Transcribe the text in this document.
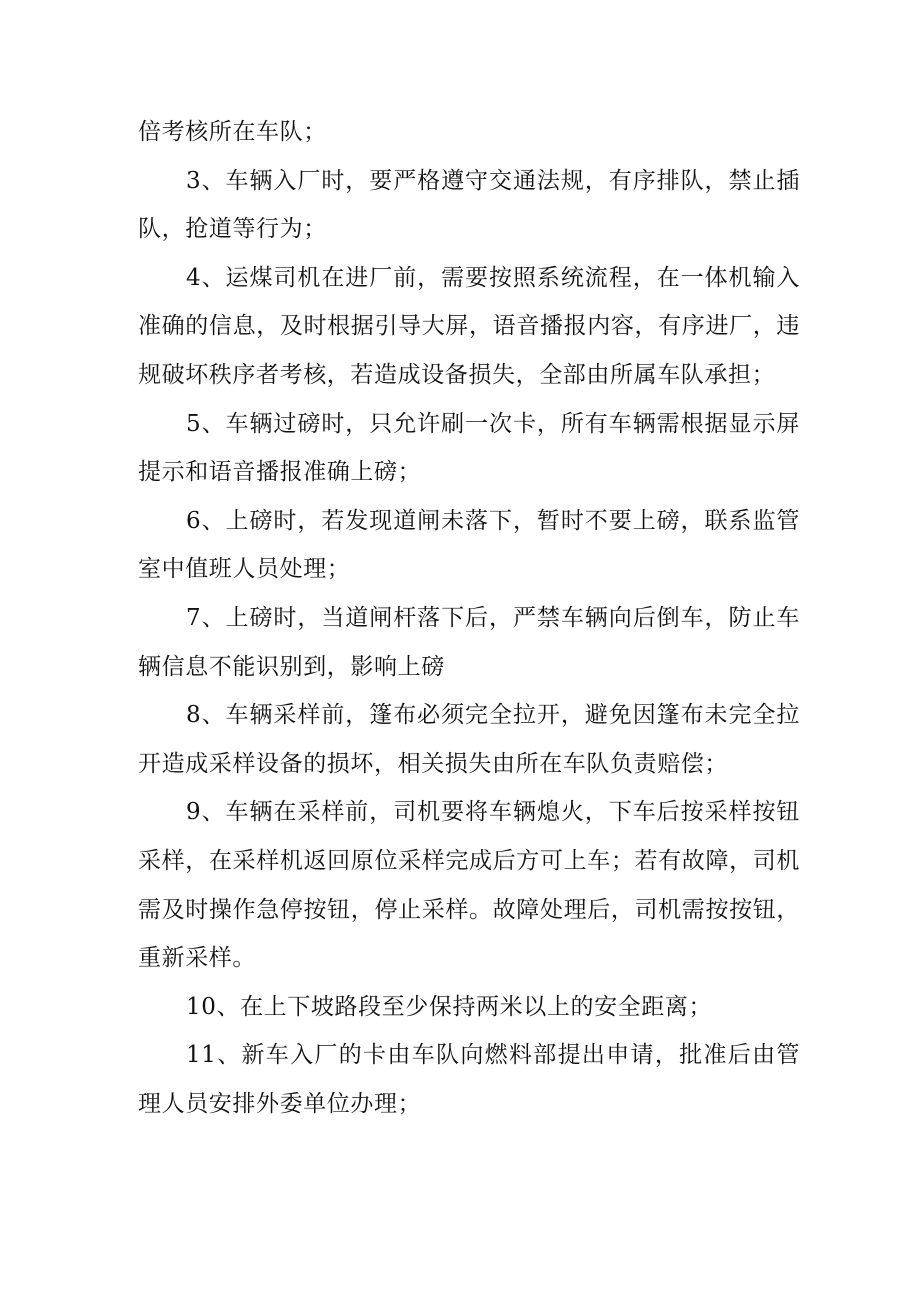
倍考核所在车队；

3、车辆入厂时，要严格遵守交通法规，有序排队，禁止插队，抢道等行为；

4、运煤司机在进厂前，需要按照系统流程，在一体机输入准确的信息，及时根据引导大屏，语音播报内容，有序进厂，违规破坏秩序者考核，若造成设备损失，全部由所属车队承担；

5、车辆过磅时，只允许刷一次卡，所有车辆需根据显示屏提示和语音播报准确上磅；

6、上磅时，若发现道闸未落下，暂时不要上磅，联系监管室中值班人员处理；

7、上磅时，当道闸杆落下后，严禁车辆向后倒车，防止车辆信息不能识别到，影响上磅

8、车辆采样前，篷布必须完全拉开，避免因篷布未完全拉开造成采样设备的损坏，相关损失由所在车队负责赔偿；

9、车辆在采样前，司机要将车辆熄火，下车后按采样按钮采样，在采样机返回原位采样完成后方可上车；若有故障，司机需及时操作急停按钮，停止采样。故障处理后，司机需按按钮，重新采样。

10、在上下坡路段至少保持两米以上的安全距离；

11、新车入厂的卡由车队向燃料部提出申请，批准后由管理人员安排外委单位办理；
